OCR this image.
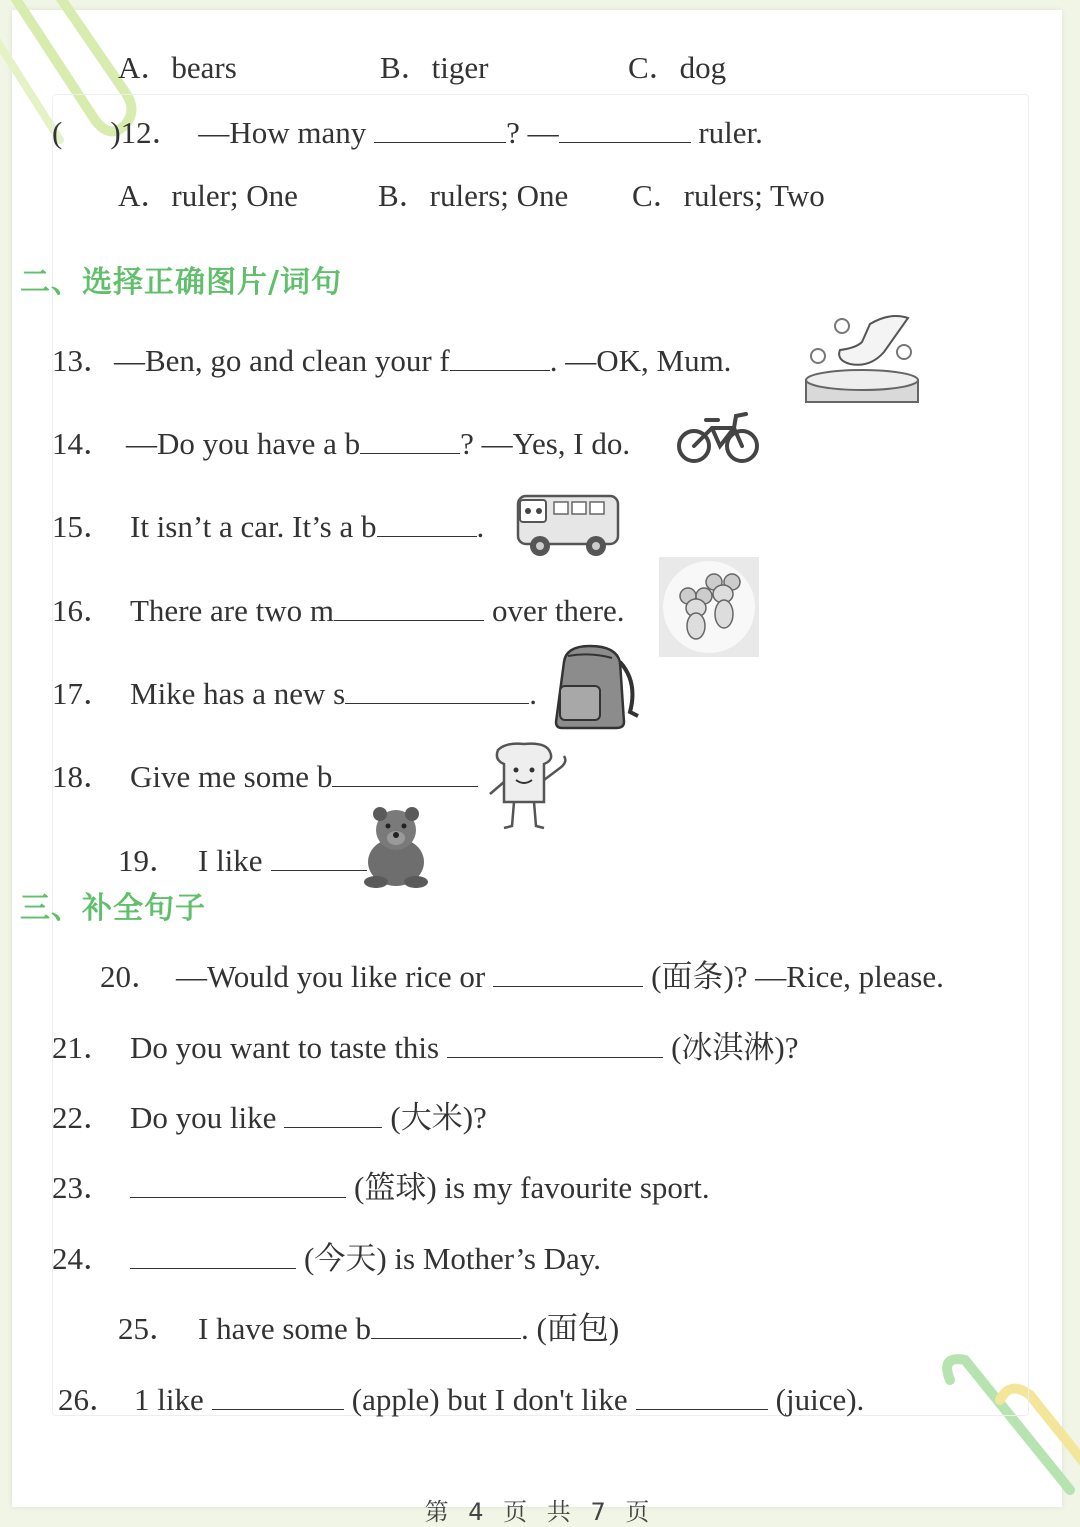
A．bears	B．tiger	C．dog
( )12． —How many	? —	ruler.
A．ruler; One	B．rulers; One C．rulers; Two
二、选择正确图片/词句
13．—Ben, go and clean your f	. —OK, Mum.
14． —Do you have a b	? —Yes, I do.
15． It isn’t a car. It’s a b	.
16． There are two m	over there.
17． Mike has a new s	.
18． Give me some b
19． I like
三、补全句子
20． —Would you like rice or	(面条)? —Rice, please.
21． Do you want to taste this	(冰淇淋)?
22． Do you like	(大米)?
23．	(篮球) is my favourite sport.
24．	(今天) is Mother’s Day.
25． I have some b	. (面包)
26． 1 like	(apple) but I don't like	(juice).
第 4 页 共 7 页
